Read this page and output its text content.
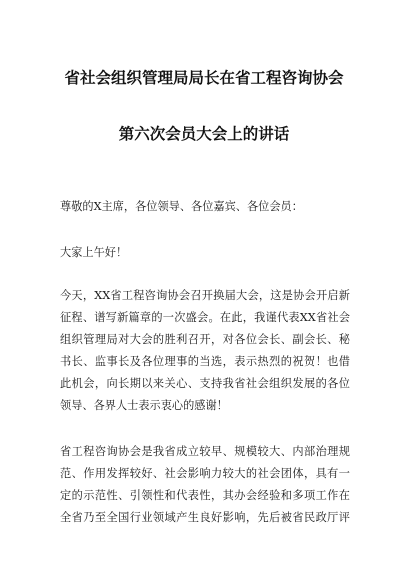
省社会组织管理局局长在省工程咨询协会
第六次会员大会上的讲话
尊敬的X主席，各位领导、各位嘉宾、各位会员：
大家上午好！
今天，XX省工程咨询协会召开换届大会，这是协会开启新
征程、谱写新篇章的一次盛会。在此，我谨代表XX省社会
组织管理局对大会的胜利召开，对各位会长、副会长、秘
书长、监事长及各位理事的当选，表示热烈的祝贺！也借
此机会，向长期以来关心、支持我省社会组织发展的各位
领导、各界人士表示衷心的感谢！
省工程咨询协会是我省成立较早、规模较大、内部治理规
范、作用发挥较好、社会影响力较大的社会团体，具有一
定的示范性、引领性和代表性，其办会经验和多项工作在
全省乃至全国行业领域产生良好影响，先后被省民政厅评
